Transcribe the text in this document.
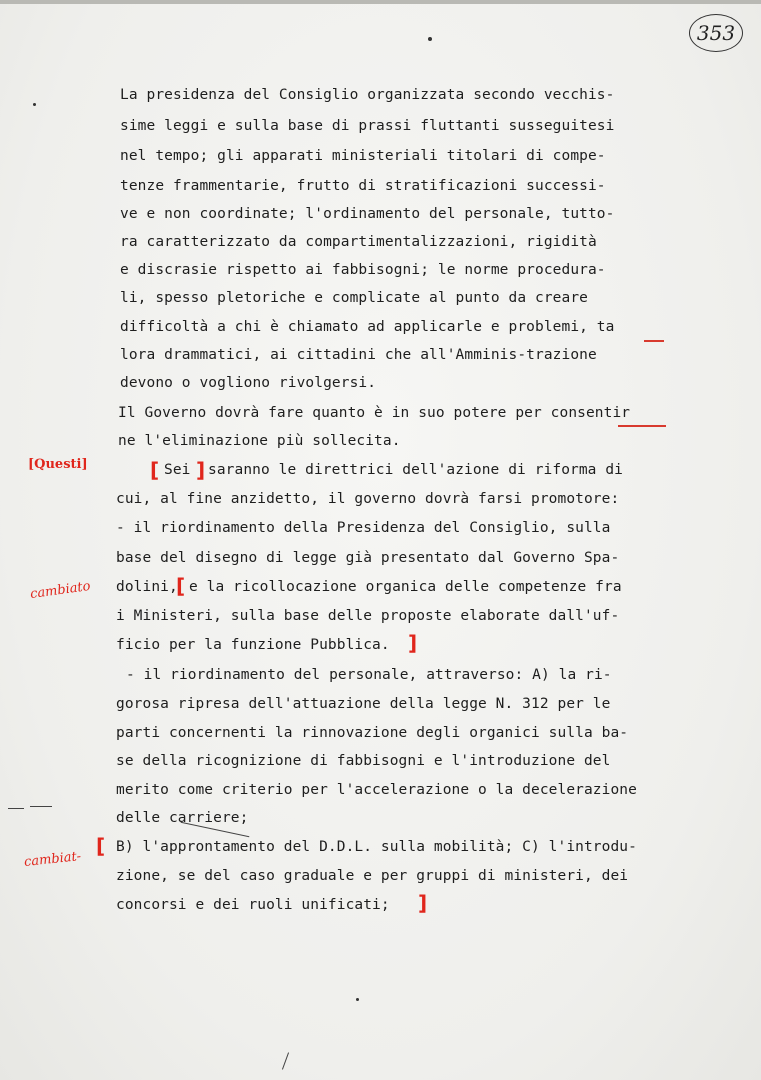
353
La presidenza del Consiglio organizzata secondo vecchis-
sime leggi e sulla base di prassi fluttanti susseguitesi
nel tempo; gli apparati ministeriali titolari di compe-
tenze frammentarie, frutto di stratificazioni successi-
ve e non coordinate; l'ordinamento del personale, tutto-
ra caratterizzato da compartimentalizzazioni, rigidità
e discrasie rispetto ai fabbisogni; le norme procedura-
li, spesso pletoriche e complicate al punto da creare
difficoltà a chi è chiamato ad applicarle e problemi, ta
lora drammatici, ai cittadini che all'Amminis-trazione
devono o vogliono rivolgersi.
Il Governo dovrà fare quanto è in suo potere per consentir
ne l'eliminazione più sollecita.
[Questi]	[ Sei ] saranno le direttrici dell'azione di riforma di
cui, al fine anzidetto, il governo dovrà farsi promotore:
- il riordinamento della Presidenza del Consiglio, sulla
base del disegno di legge già presentato dal Governo Spa-
cambiato dolini,
[ e la ricollocazione organica delle competenze fra
i Ministeri, sulla base delle proposte elaborate dall'uf-
ficio per la funzione Pubblica. ]
- il riordinamento del personale, attraverso: A) la ri-
gorosa ripresa dell'attuazione della legge N. 312 per le
parti concernenti la rinnovazione degli organici sulla ba-
se della ricognizione di fabbisogni e l'introduzione del
merito come criterio per l'accelerazione o la decelerazione
delle carriere;
cambiat-
[ B) l'approntamento del D.D.L. sulla mobilità; C) l'introdu-
zione, se del caso graduale e per gruppi di ministeri, dei
concorsi e dei ruoli unificati; ]
